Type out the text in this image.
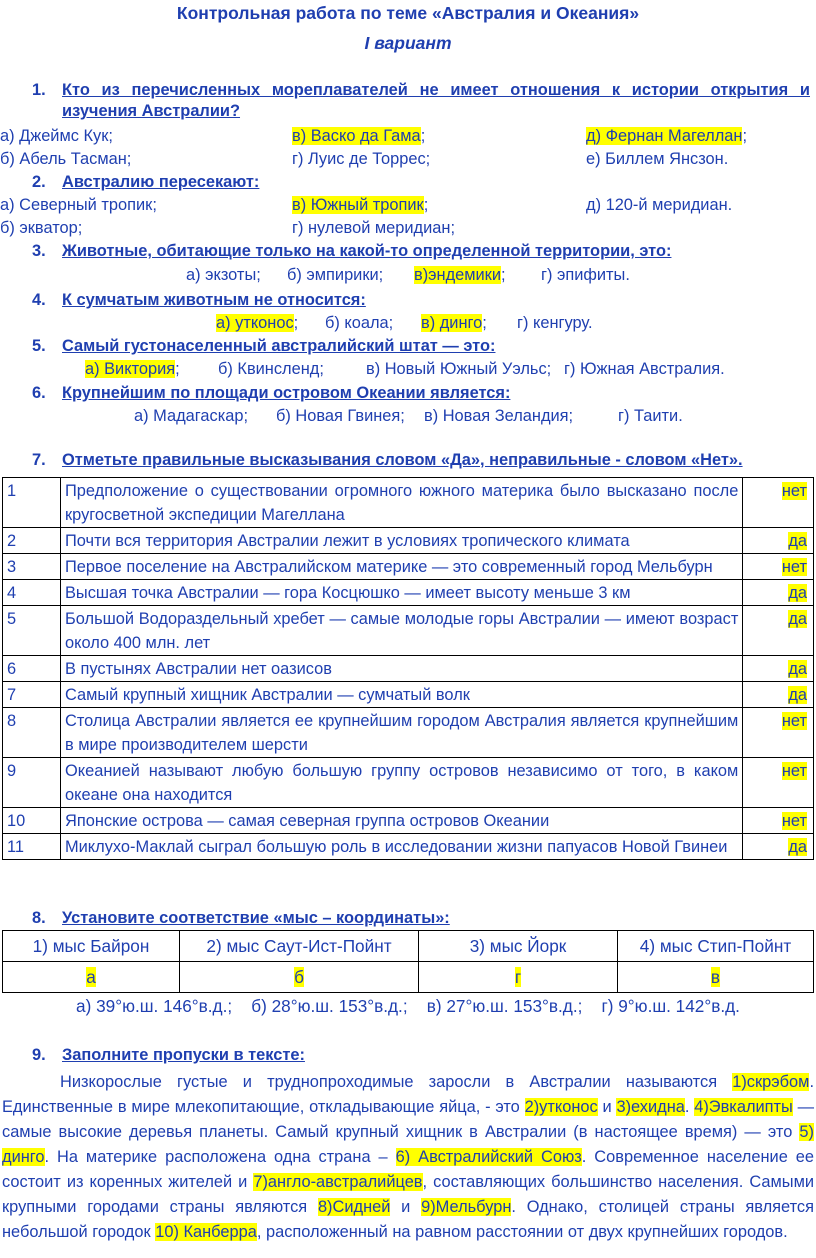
Контрольная работа по теме «Австралия и Океания»
I вариант
1. Кто из перечисленных мореплавателей не имеет отношения к истории открытия и
изучения Австралии?
а) Джеймс Кук;	в) Васко да Гама;	д) Фернан Магеллан;
б) Абель Тасман;	г) Луис де Торрес;	е) Биллем Янсзон.
2. Австралию пересекают:
а) Северный тропик;	в) Южный тропик;	д) 120-й меридиан.
б) экватор;	г) нулевой меридиан;
3. Животные, обитающие только на какой-то определенной территории, это:
а) экзоты; б) эмпирики; в)эндемики; г) эпифиты.
4. К сумчатым животным не относится:
а) утконос; б) коала; в) динго; г) кенгуру.
5. Самый густонаселенный австралийский штат — это:
а) Виктория; б) Квинсленд;	в) Новый Южный Уэльс; г) Южная Австралия.
6. Крупнейшим по площади островом Океании является:
а) Мадагаскар; б) Новая Гвинея; в) Новая Зеландия;	г) Таити.
7. Отметьте правильные высказывания словом «Да», неправильные - словом «Нет».
1	Предположение о существовании огромного южного материка было высказано после кругосветной экспедиции Магеллана	нет
2	Почти вся территория Австралии лежит в условиях тропического климата	да
3	Первое поселение на Австралийском материке — это современный город Мельбурн	нет
4	Высшая точка Австралии — гора Косцюшко — имеет высоту меньше 3 км	да
5	Большой Водораздельный хребет — самые молодые горы Австралии — имеют возраст около 400 млн. лет	да
6	В пустынях Австралии нет оазисов	да
7	Самый крупный хищник Австралии — сумчатый волк	да
8	Столица Австралии является ее крупнейшим городом Австралия является крупнейшим в мире производителем шерсти	нет
9	Океанией называют любую большую группу островов независимо от того, в каком океане она находится	нет
10	Японские острова — самая северная группа островов Океании	нет
11	Миклухо-Маклай сыграл большую роль в исследовании жизни папуасов Новой Гвинеи	да
8. Установите соответствие «мыс – координаты»:
1) мыс Байрон	2) мыс Саут-Ист-Пойнт	3) мыс Йорк	4) мыс Стип-Пойнт
а	б	г	в
а) 39°ю.ш. 146°в.д.;    б) 28°ю.ш. 153°в.д.;    в) 27°ю.ш. 153°в.д.;    г) 9°ю.ш. 142°в.д.
9. Заполните пропуски в тексте:
Низкорослые густые и труднопроходимые заросли в Австралии называются 1)скрэбом. Единственные в мире млекопитающие, откладывающие яйца, - это 2)утконос и 3)ехидна. 4)Эвкалипты — самые высокие деревья планеты. Самый крупный хищник в Австралии (в настоящее время) — это 5) динго. На материке расположена одна страна – 6) Австралийский Союз. Современное население ее состоит из коренных жителей и 7)англо-австралийцев, составляющих большинство населения. Самыми крупными городами страны являются 8)Сидней и 9)Мельбурн. Однако, столицей страны является небольшой городок 10) Канберра, расположенный на равном расстоянии от двух крупнейших городов.
